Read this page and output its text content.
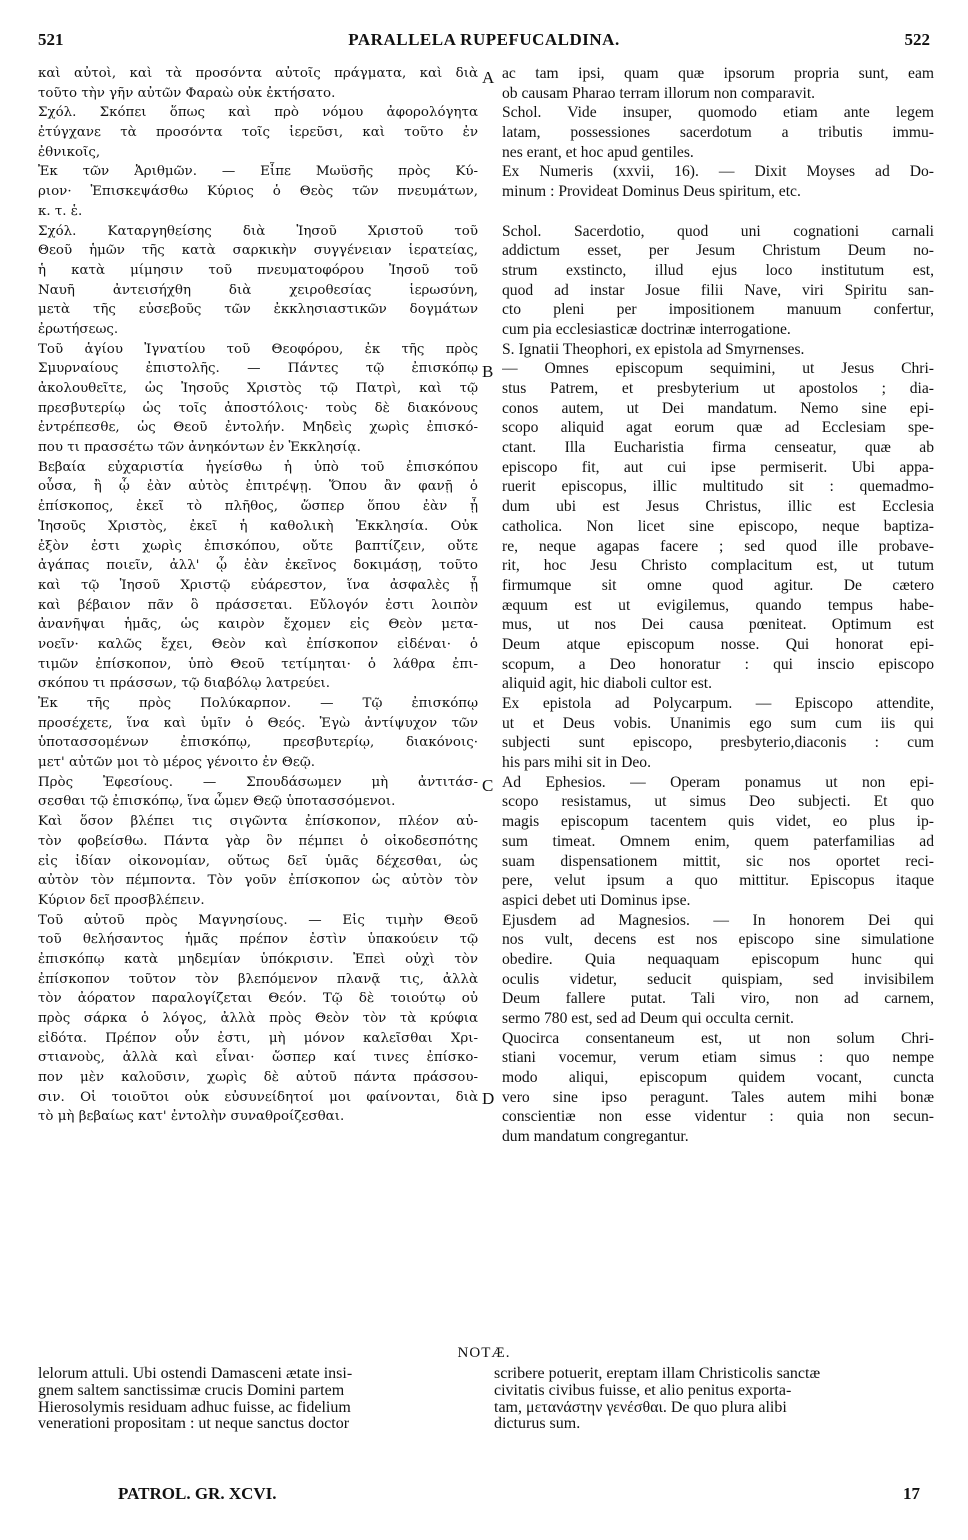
521	PARALLELA RUPEFUCALDINA.	522
καὶ αὐτοὶ, καὶ τὰ προσόντα αὐτοῖς πράγματα, καὶ διὰ
τοῦτο τὴν γῆν αὐτῶν Φαραὼ οὐκ ἐκτήσατο.
Σχόλ. Σκόπει ὅπως καὶ πρὸ νόμου ἀφορολόγητα
ἐτύγχανε τὰ προσόντα τοῖς ἱερεῦσι, καὶ τοῦτο ἐν
ἐθνικοῖς,
Ἐκ τῶν Ἀριθμῶν. — Εἶπε Μωϋσῆς πρὸς Κύ-
ριον· Ἐπισκεψάσθω Κύριος ὁ Θεὸς τῶν πνευμάτων,
κ. τ. ἑ.
Σχόλ. Καταργηθείσης διὰ Ἰησοῦ Χριστοῦ τοῦ
Θεοῦ ἡμῶν τῆς κατὰ σαρκικὴν συγγένειαν ἱερατείας,
ἡ κατὰ μίμησιν τοῦ πνευματοφόρου Ἰησοῦ τοῦ
Ναυῆ ἀντεισήχθη διὰ χειροθεσίας ἱερωσύνη,
μετὰ τῆς εὐσεβοῦς τῶν ἐκκλησιαστικῶν δογμάτων
ἐρωτήσεως.
Τοῦ ἁγίου Ἰγνατίου τοῦ Θεοφόρου, ἐκ τῆς πρὸς
Σμυρναίους ἐπιστολῆς. — Πάντες τῷ ἐπισκόπῳ
ἀκολουθεῖτε, ὡς Ἰησοῦς Χριστὸς τῷ Πατρὶ, καὶ τῷ
πρεσβυτερίῳ ὡς τοῖς ἀποστόλοις· τοὺς δὲ διακόνους
ἐντρέπεσθε, ὡς Θεοῦ ἐντολήν. Μηδεὶς χωρὶς ἐπισκό-
που τι πρασσέτω τῶν ἀνηκόντων ἐν Ἐκκλησίᾳ.
Βεβαία εὐχαριστία ἡγείσθω ἡ ὑπὸ τοῦ ἐπισκόπου
οὖσα, ἢ ᾧ ἐὰν αὐτὸς ἐπιτρέψῃ. Ὅπου ἂν φανῇ ὁ
ἐπίσκοπος, ἐκεῖ τὸ πλῆθος, ὥσπερ ὅπου ἐὰν ᾖ
Ἰησοῦς Χριστὸς, ἐκεῖ ἡ καθολικὴ Ἐκκλησία. Οὐκ
ἐξὸν ἐστι χωρὶς ἐπισκόπου, οὔτε βαπτίζειν, οὔτε
ἀγάπας ποιεῖν, ἀλλ' ᾧ ἐὰν ἐκεῖνος δοκιμάσῃ, τοῦτο
καὶ τῷ Ἰησοῦ Χριστῷ εὐάρεστον, ἵνα ἀσφαλὲς ᾖ
καὶ βέβαιον πᾶν ὃ πράσσεται. Εὔλογόν ἐστι λοιπὸν
ἀνανῆψαι ἡμᾶς, ὡς καιρὸν ἔχομεν εἰς Θεὸν μετα-
νοεῖν· καλῶς ἔχει, Θεὸν καὶ ἐπίσκοπον εἰδέναι· ὁ
τιμῶν ἐπίσκοπον, ὑπὸ Θεοῦ τετίμηται· ὁ λάθρα ἐπι-
σκόπου τι πράσσων, τῷ διαβόλῳ λατρεύει.
Ἐκ τῆς πρὸς Πολύκαρπον. — Τῷ ἐπισκόπῳ
προσέχετε, ἵνα καὶ ὑμῖν ὁ Θεός. Ἐγὼ ἀντίψυχον τῶν
ὑποτασσομένων ἐπισκόπῳ, πρεσβυτερίῳ, διακόνοις·
μετ' αὐτῶν μοι τὸ μέρος γένοιτο ἐν Θεῷ.
Πρὸς Ἐφεσίους. — Σπουδάσωμεν μὴ ἀντιτάσ-
σεσθαι τῷ ἐπισκόπῳ, ἵνα ὦμεν Θεῷ ὑποτασσόμενοι.
Καὶ ὅσον βλέπει τις σιγῶντα ἐπίσκοπον, πλέον αὐ-
τὸν φοβείσθω. Πάντα γὰρ ὃν πέμπει ὁ οἰκοδεσπότης
εἰς ἰδίαν οἰκονομίαν, οὕτως δεῖ ὑμᾶς δέχεσθαι, ὡς
αὐτὸν τὸν πέμποντα. Τὸν γοῦν ἐπίσκοπον ὡς αὐτὸν τὸν
Κύριον δεῖ προσβλέπειν.
Τοῦ αὐτοῦ πρὸς Μαγνησίους. — Εἰς τιμὴν Θεοῦ
τοῦ θελήσαντος ἡμᾶς πρέπον ἐστὶν ὑπακούειν τῷ
ἐπισκόπῳ κατὰ μηδεμίαν ὑπόκρισιν. Ἐπεὶ οὐχὶ τὸν
ἐπίσκοπον τοῦτον τὸν βλεπόμενον πλανᾷ τις, ἀλλὰ
τὸν ἀόρατον παραλογίζεται Θεόν. Τῷ δὲ τοιούτῳ οὐ
πρὸς σάρκα ὁ λόγος, ἀλλὰ πρὸς Θεὸν τὸν τὰ κρύφια
εἰδότα. Πρέπον οὖν ἐστι, μὴ μόνον καλεῖσθαι Χρι-
στιανοὺς, ἀλλὰ καὶ εἶναι· ὥσπερ καί τινες ἐπίσκο-
πον μὲν καλοῦσιν, χωρὶς δὲ αὐτοῦ πάντα πράσσου-
σιν. Οἱ τοιοῦτοι οὐκ εὐσυνείδητοί μοι φαίνονται, διὰ
τὸ μὴ βεβαίως κατ' ἐντολὴν συναθροίζεσθαι.
ac tam ipsi, quam quæ ipsorum propria sunt, eam
ob causam Pharao terram illorum non comparavit.
Schol. Vide insuper, quomodo etiam ante legem
latam, possessiones sacerdotum a tributis immu-
nes erant, et hoc apud gentiles.
Ex Numeris (xxvii, 16). — Dixit Moyses ad Do-
minum : Provideat Dominus Deus spiritum, etc.
Schol. Sacerdotio, quod uni cognationi carnali
addictum esset, per Jesum Christum Deum no-
strum exstincto, illud ejus loco institutum est,
quod ad instar Josue filii Nave, viri Spiritu san-
cto pleni per impositionem manuum confertur,
cum pia ecclesiasticæ doctrinæ interrogatione.
S. Ignatii Theophori, ex epistola ad Smyrnenses.
— Omnes episcopum sequimini, ut Jesus Chri-
stus Patrem, et presbyterium ut apostolos ; dia-
conos autem, ut Dei mandatum. Nemo sine epi-
scopo aliquid agat eorum quæ ad Ecclesiam spe-
ctant. Illa Eucharistia firma censeatur, quæ ab
episcopo fit, aut cui ipse permiserit. Ubi appa-
ruerit episcopus, illic multitudo sit : quemadmo-
dum ubi est Jesus Christus, illic est Ecclesia
catholica. Non licet sine episcopo, neque baptiza-
re, neque agapas facere ; sed quod ille probave-
rit, hoc Jesu Christo complacitum est, ut tutum
firmumque sit omne quod agitur. De cætero
æquum est ut evigilemus, quando tempus habe-
mus, ut nos Dei causa pœniteat. Optimum est
Deum atque episcopum nosse. Qui honorat epi-
scopum, a Deo honoratur : qui inscio episcopo
aliquid agit, hic diaboli cultor est.
Ex epistola ad Polycarpum. — Episcopo attendite,
ut et Deus vobis. Unanimis ego sum cum iis qui
subjecti sunt episcopo, presbyterio,diaconis : cum
his pars mihi sit in Deo.
Ad Ephesios. — Operam ponamus ut non epi-
scopo resistamus, ut simus Deo subjecti. Et quo
magis episcopum tacentem quis videt, eo plus ip-
sum timeat. Omnem enim, quem paterfamilias ad
suam dispensationem mittit, sic nos oportet reci-
pere, velut ipsum a quo mittitur. Episcopus itaque
aspici debet uti Dominus ipse.
Ejusdem ad Magnesios. — In honorem Dei qui
nos vult, decens est nos episcopo sine simulatione
obedire. Quia nequaquam episcopum hunc qui
oculis videtur, seducit quispiam, sed invisibilem
Deum fallere putat. Tali viro, non ad carnem,
sermo 780 est, sed ad Deum qui occulta cernit.
Quocirca consentaneum est, ut non solum Chri-
stiani vocemur, verum etiam simus : quo nempe
modo aliqui, episcopum quidem vocant, cuncta
vero sine ipso peragunt. Tales autem mihi bonæ
conscientiæ non esse videntur : quia non secun-
dum mandatum congregantur.
A
B
C
D
NOTÆ.
lelorum attuli. Ubi ostendi Damasceni ætate insi-
gnem saltem sanctissimæ crucis Domini partem
Hierosolymis residuam adhuc fuisse, ac fidelium
venerationi propositam : ut neque sanctus doctor
scribere potuerit, ereptam illam Christicolis sanctæ
civitatis civibus fuisse, et alio penitus exporta-
tam, μετανάστην γενέσθαι. De quo plura alibi
dicturus sum.
PATROL. GR. XCVI.	17
